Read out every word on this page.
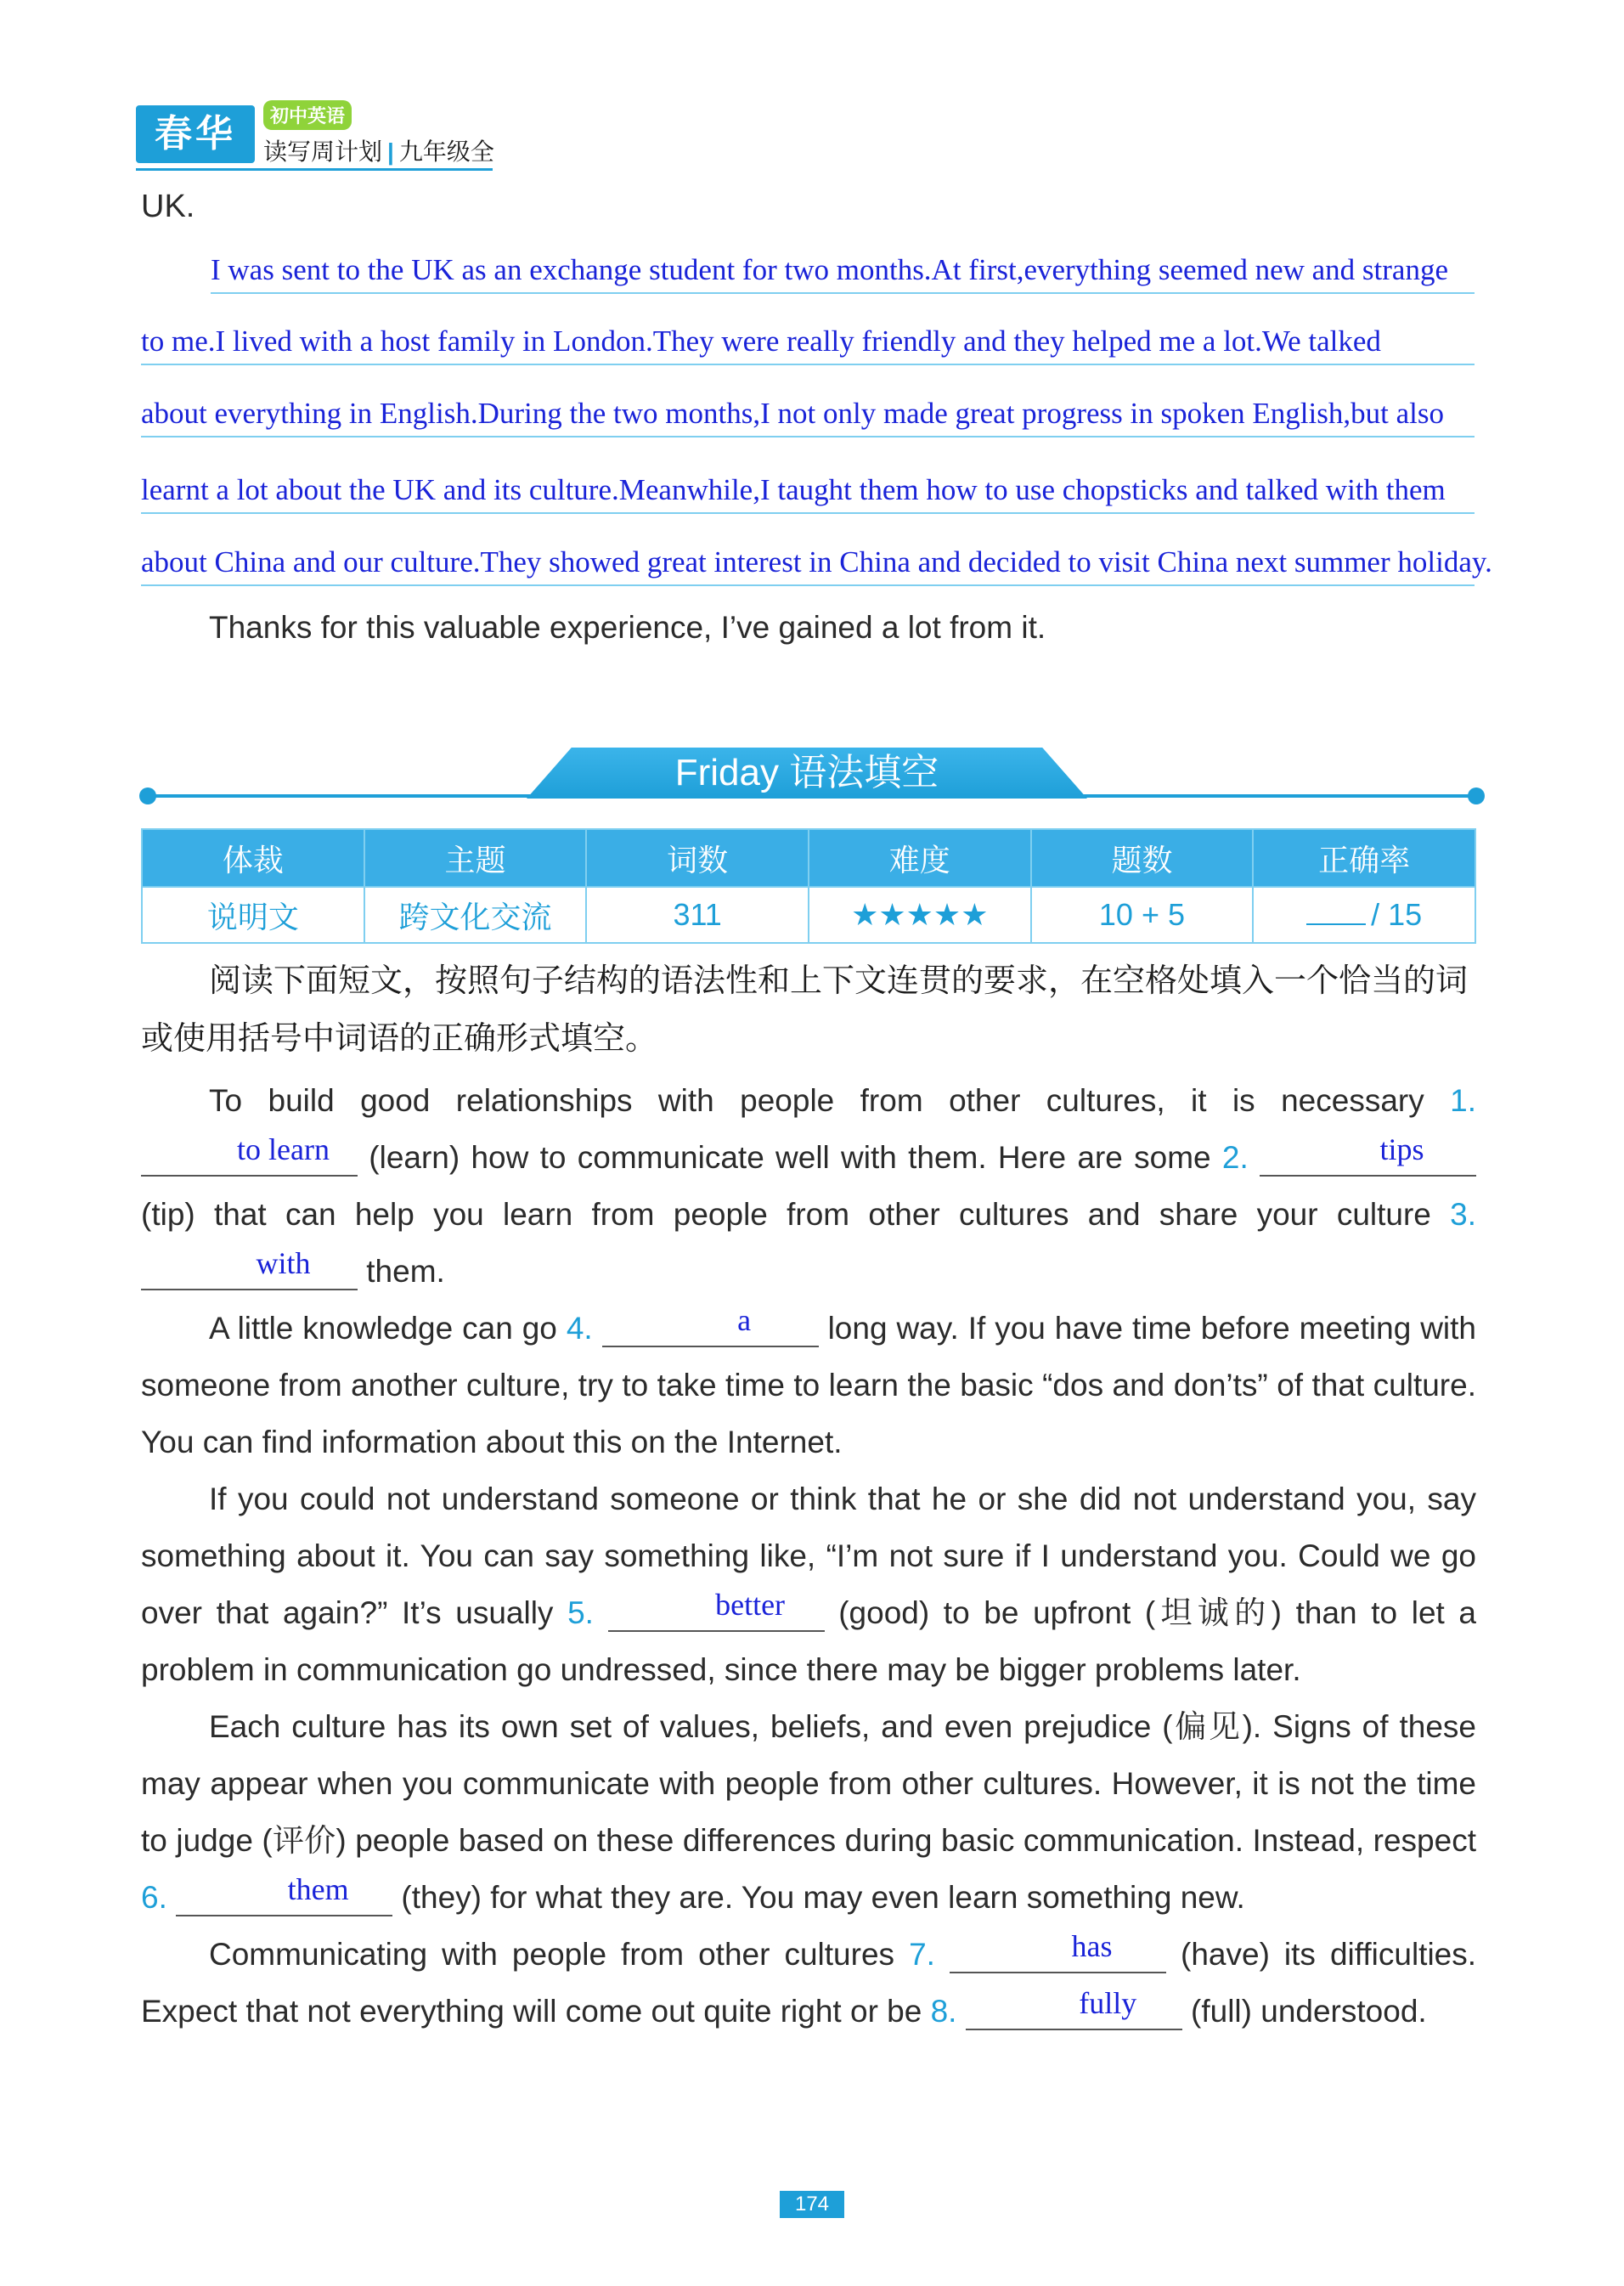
春华	初中英语
读写周计划 | 九年级全
UK.
I was sent to the UK as an exchange student for two months.At first,everything seemed new and strange
to me.I lived with a host family in London.They were really friendly and they helped me a lot.We talked
about everything in English.During the two months,I not only made great progress in spoken English,but also
learnt a lot about the UK and its culture.Meanwhile,I taught them how to use chopsticks and talked with them
about China and our culture.They showed great interest in China and decided to visit China next summer holiday.
Thanks for this valuable experience, I’ve gained a lot from it.
Friday 语法填空
体裁	主题	词数	难度	题数	正确率
说明文	跨文化交流	311	★★★★★	10 + 5	/ 15
阅读下面短文，按照句子结构的语法性和上下文连贯的要求，在空格处填入一个恰当的词或使用括号中词语的正确形式填空。

To build good relationships with people from other cultures, it is necessary 1.
to learn	(learn) how to communicate well with them. Here are some 2.	tips
(tip) that can help you learn from people from other cultures and share your culture 3.
with	them.

A little knowledge can go 4.	a	long way. If you have time before meeting with someone from another culture, try to take time to learn the basic “dos and don’ts” of that culture. You can find information about this on the Internet.

If you could not understand someone or think that he or she did not understand you, say something about it. You can say something like, “I’m not sure if I understand you. Could we go over that again?” It’s usually 5.	better	(good) to be upfront (坦诚的) than to let a problem in communication go undressed, since there may be bigger problems later.

Each culture has its own set of values, beliefs, and even prejudice (偏见). Signs of these may appear when you communicate with people from other cultures. However, it is not the time to judge (评价) people based on these differences during basic communication. Instead, respect 6.	them	(they) for what they are. You may even learn something new.

Communicating with people from other cultures 7.	has	(have) its difficulties. Expect that not everything will come out quite right or be 8.	fully	(full) understood.

174
